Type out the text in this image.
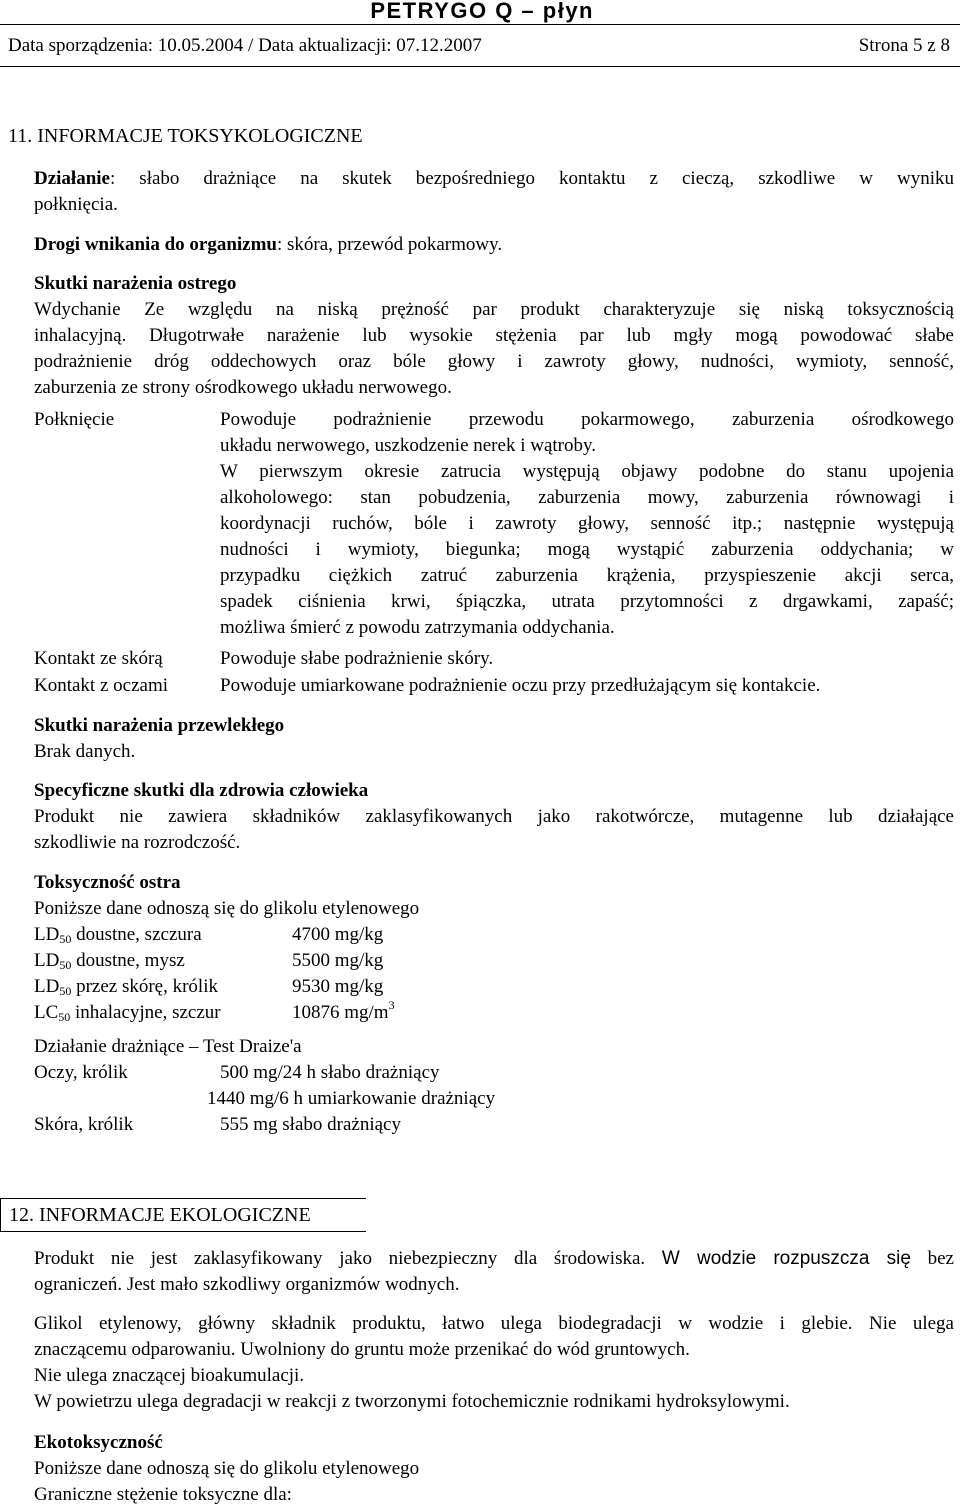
PETRYGO Q – płyn
Data sporządzenia: 10.05.2004 / Data aktualizacji: 07.12.2007	Strona 5 z 8
11. INFORMACJE TOKSYKOLOGICZNE
Działanie: słabo drażniące na skutek bezpośredniego kontaktu z cieczą, szkodliwe w wyniku
połknięcia.
Drogi wnikania do organizmu: skóra, przewód pokarmowy.
Skutki narażenia ostrego
Wdychanie Ze względu na niską prężność par produkt charakteryzuje się niską toksycznością
inhalacyjną. Długotrwałe narażenie lub wysokie stężenia par lub mgły mogą powodować słabe
podrażnienie dróg oddechowych oraz bóle głowy i zawroty głowy, nudności, wymioty, senność,
zaburzenia ze strony ośrodkowego układu nerwowego.
Połknięcie	Powoduje podrażnienie przewodu pokarmowego, zaburzenia ośrodkowego
układu nerwowego, uszkodzenie nerek i wątroby.
W pierwszym okresie zatrucia występują objawy podobne do stanu upojenia
alkoholowego: stan pobudzenia, zaburzenia mowy, zaburzenia równowagi i
koordynacji ruchów, bóle i zawroty głowy, senność itp.; następnie występują
nudności i wymioty, biegunka; mogą wystąpić zaburzenia oddychania; w
przypadku ciężkich zatruć zaburzenia krążenia, przyspieszenie akcji serca,
spadek ciśnienia krwi, śpiączka, utrata przytomności z drgawkami, zapaść;
możliwa śmierć z powodu zatrzymania oddychania.
Kontakt ze skórą	Powoduje słabe podrażnienie skóry.
Kontakt z oczami	Powoduje umiarkowane podrażnienie oczu przy przedłużającym się kontakcie.
Skutki narażenia przewlekłego
Brak danych.
Specyficzne skutki dla zdrowia człowieka
Produkt nie zawiera składników zaklasyfikowanych jako rakotwórcze, mutagenne lub działające
szkodliwie na rozrodczość.
Toksyczność ostra
Poniższe dane odnoszą się do glikolu etylenowego
$LD_{50}$ doustne, szczura	4700 mg/kg
$LD_{50}$ doustne, mysz	5500 mg/kg
$LD_{50}$ przez skórę, królik	9530 mg/kg
$LC_{50}$ inhalacyjne, szczur	10876 $mg/m^3$
Działanie drażniące – Test Draize'a
Oczy, królik	500 mg/24 h słabo drażniący
1440 mg/6 h umiarkowanie drażniący
Skóra, królik	555 mg słabo drażniący
12. INFORMACJE EKOLOGICZNE
Produkt nie jest zaklasyfikowany jako niebezpieczny dla środowiska. W wodzie rozpuszcza się bez
ograniczeń. Jest mało szkodliwy organizmów wodnych.
Glikol etylenowy, główny składnik produktu, łatwo ulega biodegradacji w wodzie i glebie. Nie ulega
znaczącemu odparowaniu. Uwolniony do gruntu może przenikać do wód gruntowych.
Nie ulega znaczącej bioakumulacji.
W powietrzu ulega degradacji w reakcji z tworzonymi fotochemicznie rodnikami hydroksylowymi.
Ekotoksyczność
Poniższe dane odnoszą się do glikolu etylenowego
Graniczne stężenie toksyczne dla:
